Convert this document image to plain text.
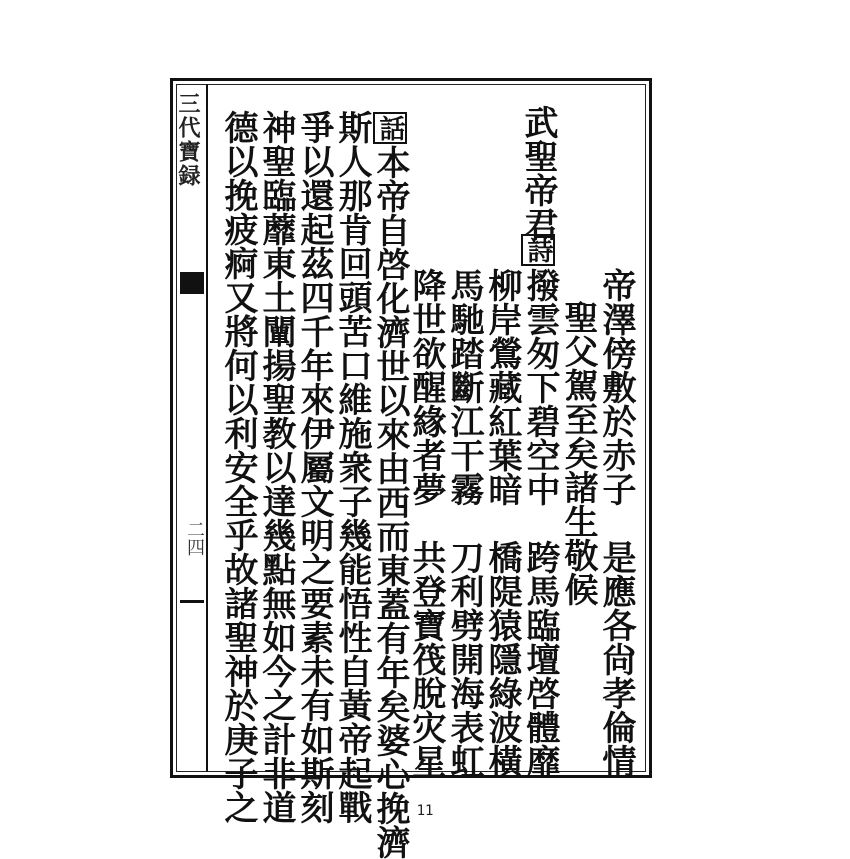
三代寶録
二四	帝澤傍敷於赤子　是應各尙孝倫情
聖父駕至矣諸生敬候
撥雲匆下碧空中　跨馬臨壇啓體靡
柳岸鶯藏紅葉暗　橋隄猿隱綠波橫
馬馳踏斷江干霧　刀利劈開海表虹
降世欲醒緣者夢　共登寶筏脫灾星
武聖帝君
詩
話
本帝自啓化濟世以來由西而東蓋有年矣婆心挽濟
斯人那肯回頭苦口維施衆子幾能悟性自黃帝起戰
爭以還起茲四千年來伊屬文明之要素未有如斯刻
神聖臨蘼東土闡揚聖教以達幾點無如今之計非道
德以挽疲痾又將何以利安全乎故諸聖神於庚子之	11
